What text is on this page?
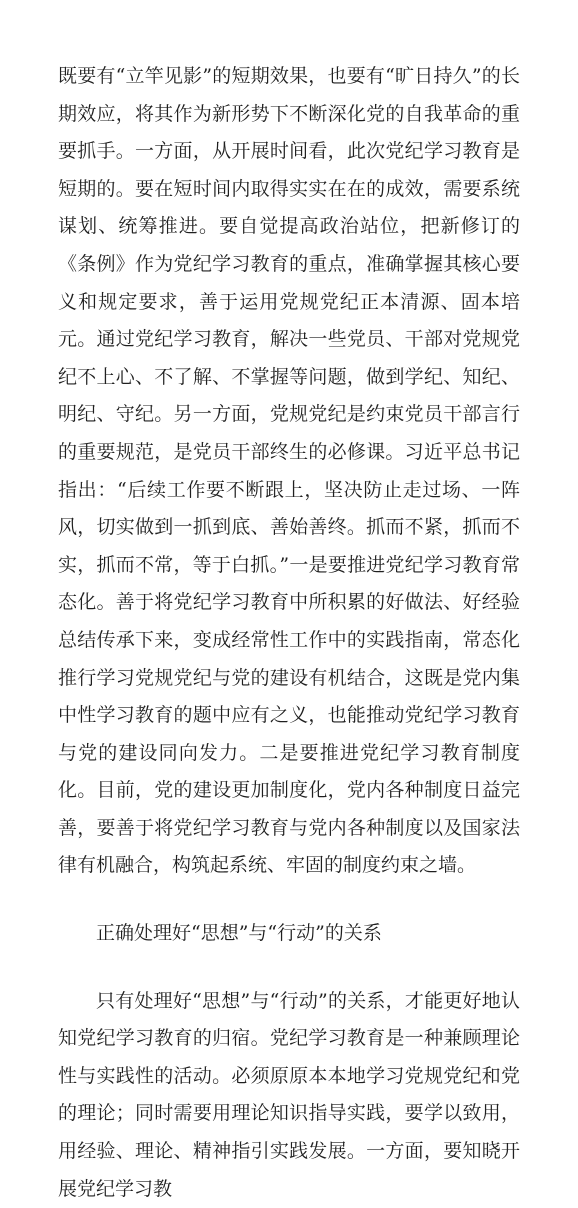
既要有“立竿见影”的短期效果，也要有“旷日持久”的长期效应，将其作为新形势下不断深化党的自我革命的重要抓手。一方面，从开展时间看，此次党纪学习教育是短期的。要在短时间内取得实实在在的成效，需要系统谋划、统筹推进。要自觉提高政治站位，把新修订的《条例》作为党纪学习教育的重点，准确掌握其核心要义和规定要求，善于运用党规党纪正本清源、固本培元。通过党纪学习教育，解决一些党员、干部对党规党纪不上心、不了解、不掌握等问题，做到学纪、知纪、明纪、守纪。另一方面，党规党纪是约束党员干部言行的重要规范，是党员干部终生的必修课。习近平总书记指出：“后续工作要不断跟上，坚决防止走过场、一阵风，切实做到一抓到底、善始善终。抓而不紧，抓而不实，抓而不常，等于白抓。”一是要推进党纪学习教育常态化。善于将党纪学习教育中所积累的好做法、好经验总结传承下来，变成经常性工作中的实践指南，常态化推行学习党规党纪与党的建设有机结合，这既是党内集中性学习教育的题中应有之义，也能推动党纪学习教育与党的建设同向发力。二是要推进党纪学习教育制度化。目前，党的建设更加制度化，党内各种制度日益完善，要善于将党纪学习教育与党内各种制度以及国家法律有机融合，构筑起系统、牢固的制度约束之墙。

正确处理好“思想”与“行动”的关系

只有处理好“思想”与“行动”的关系，才能更好地认知党纪学习教育的归宿。党纪学习教育是一种兼顾理论性与实践性的活动。必须原原本本地学习党规党纪和党的理论；同时需要用理论知识指导实践，要学以致用，用经验、理论、精神指引实践发展。一方面，要知晓开展党纪学习教
